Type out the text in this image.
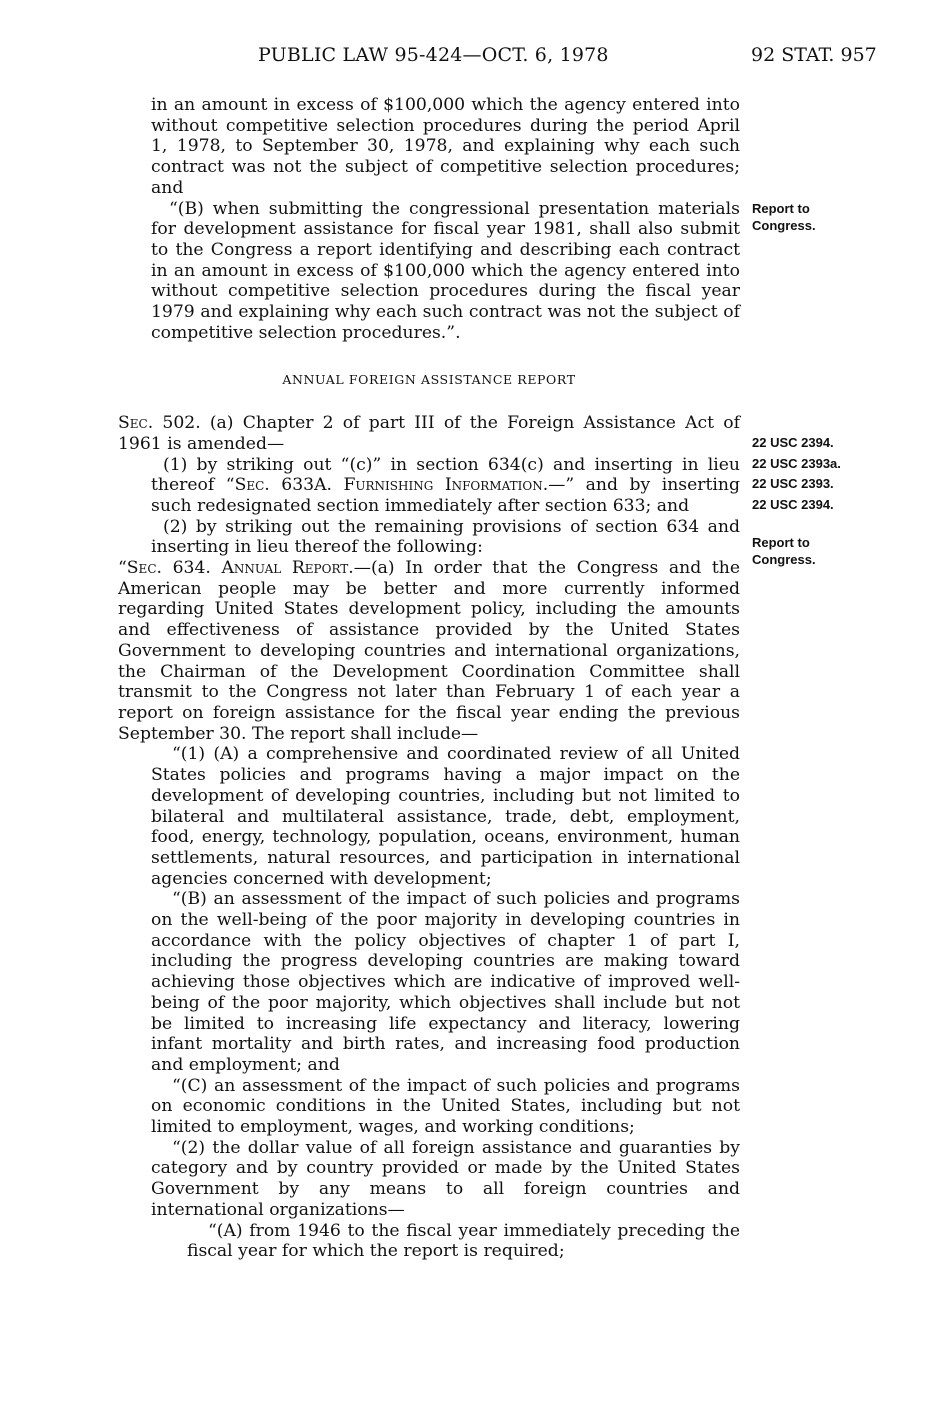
PUBLIC LAW 95-424—OCT. 6, 1978	92 STAT. 957

in an amount in excess of $100,000 which the agency entered into without competitive selection procedures during the period April 1, 1978, to September 30, 1978, and explaining why each such contract was not the subject of competitive selection procedures; and

“(B) when submitting the congressional presentation materials for development assistance for fiscal year 1981, shall also submit to the Congress a report identifying and describing each contract in an amount in excess of $100,000 which the agency entered into without competitive selection procedures during the fiscal year 1979 and explaining why each such contract was not the subject of competitive selection procedures.”.

ANNUAL FOREIGN ASSISTANCE REPORT

Sec. 502. (a) Chapter 2 of part III of the Foreign Assistance Act of 1961 is amended—

(1) by striking out “(c)” in section 634(c) and inserting in lieu thereof “Sec. 633A. Furnishing Information.—” and by inserting such redesignated section immediately after section 633; and

(2) by striking out the remaining provisions of section 634 and inserting in lieu thereof the following:

“Sec. 634. Annual Report.—(a) In order that the Congress and the American people may be better and more currently informed regarding United States development policy, including the amounts and effectiveness of assistance provided by the United States Government to developing countries and international organizations, the Chairman of the Development Coordination Committee shall transmit to the Congress not later than February 1 of each year a report on foreign assistance for the fiscal year ending the previous September 30. The report shall include—

“(1) (A) a comprehensive and coordinated review of all United States policies and programs having a major impact on the development of developing countries, including but not limited to bilateral and multilateral assistance, trade, debt, employment, food, energy, technology, population, oceans, environment, human settlements, natural resources, and participation in international agencies concerned with development;

“(B) an assessment of the impact of such policies and programs on the well-being of the poor majority in developing countries in accordance with the policy objectives of chapter 1 of part I, including the progress developing countries are making toward achieving those objectives which are indicative of improved well-being of the poor majority, which objectives shall include but not be limited to increasing life expectancy and literacy, lowering infant mortality and birth rates, and increasing food production and employment; and

“(C) an assessment of the impact of such policies and programs on economic conditions in the United States, including but not limited to employment, wages, and working conditions;

“(2) the dollar value of all foreign assistance and guaranties by category and by country provided or made by the United States Government by any means to all foreign countries and international organizations—

“(A) from 1946 to the fiscal year immediately preceding the fiscal year for which the report is required;

Report to
Congress.
22 USC 2394.
22 USC 2393a.
22 USC 2393.
22 USC 2394.
Report to
Congress.
